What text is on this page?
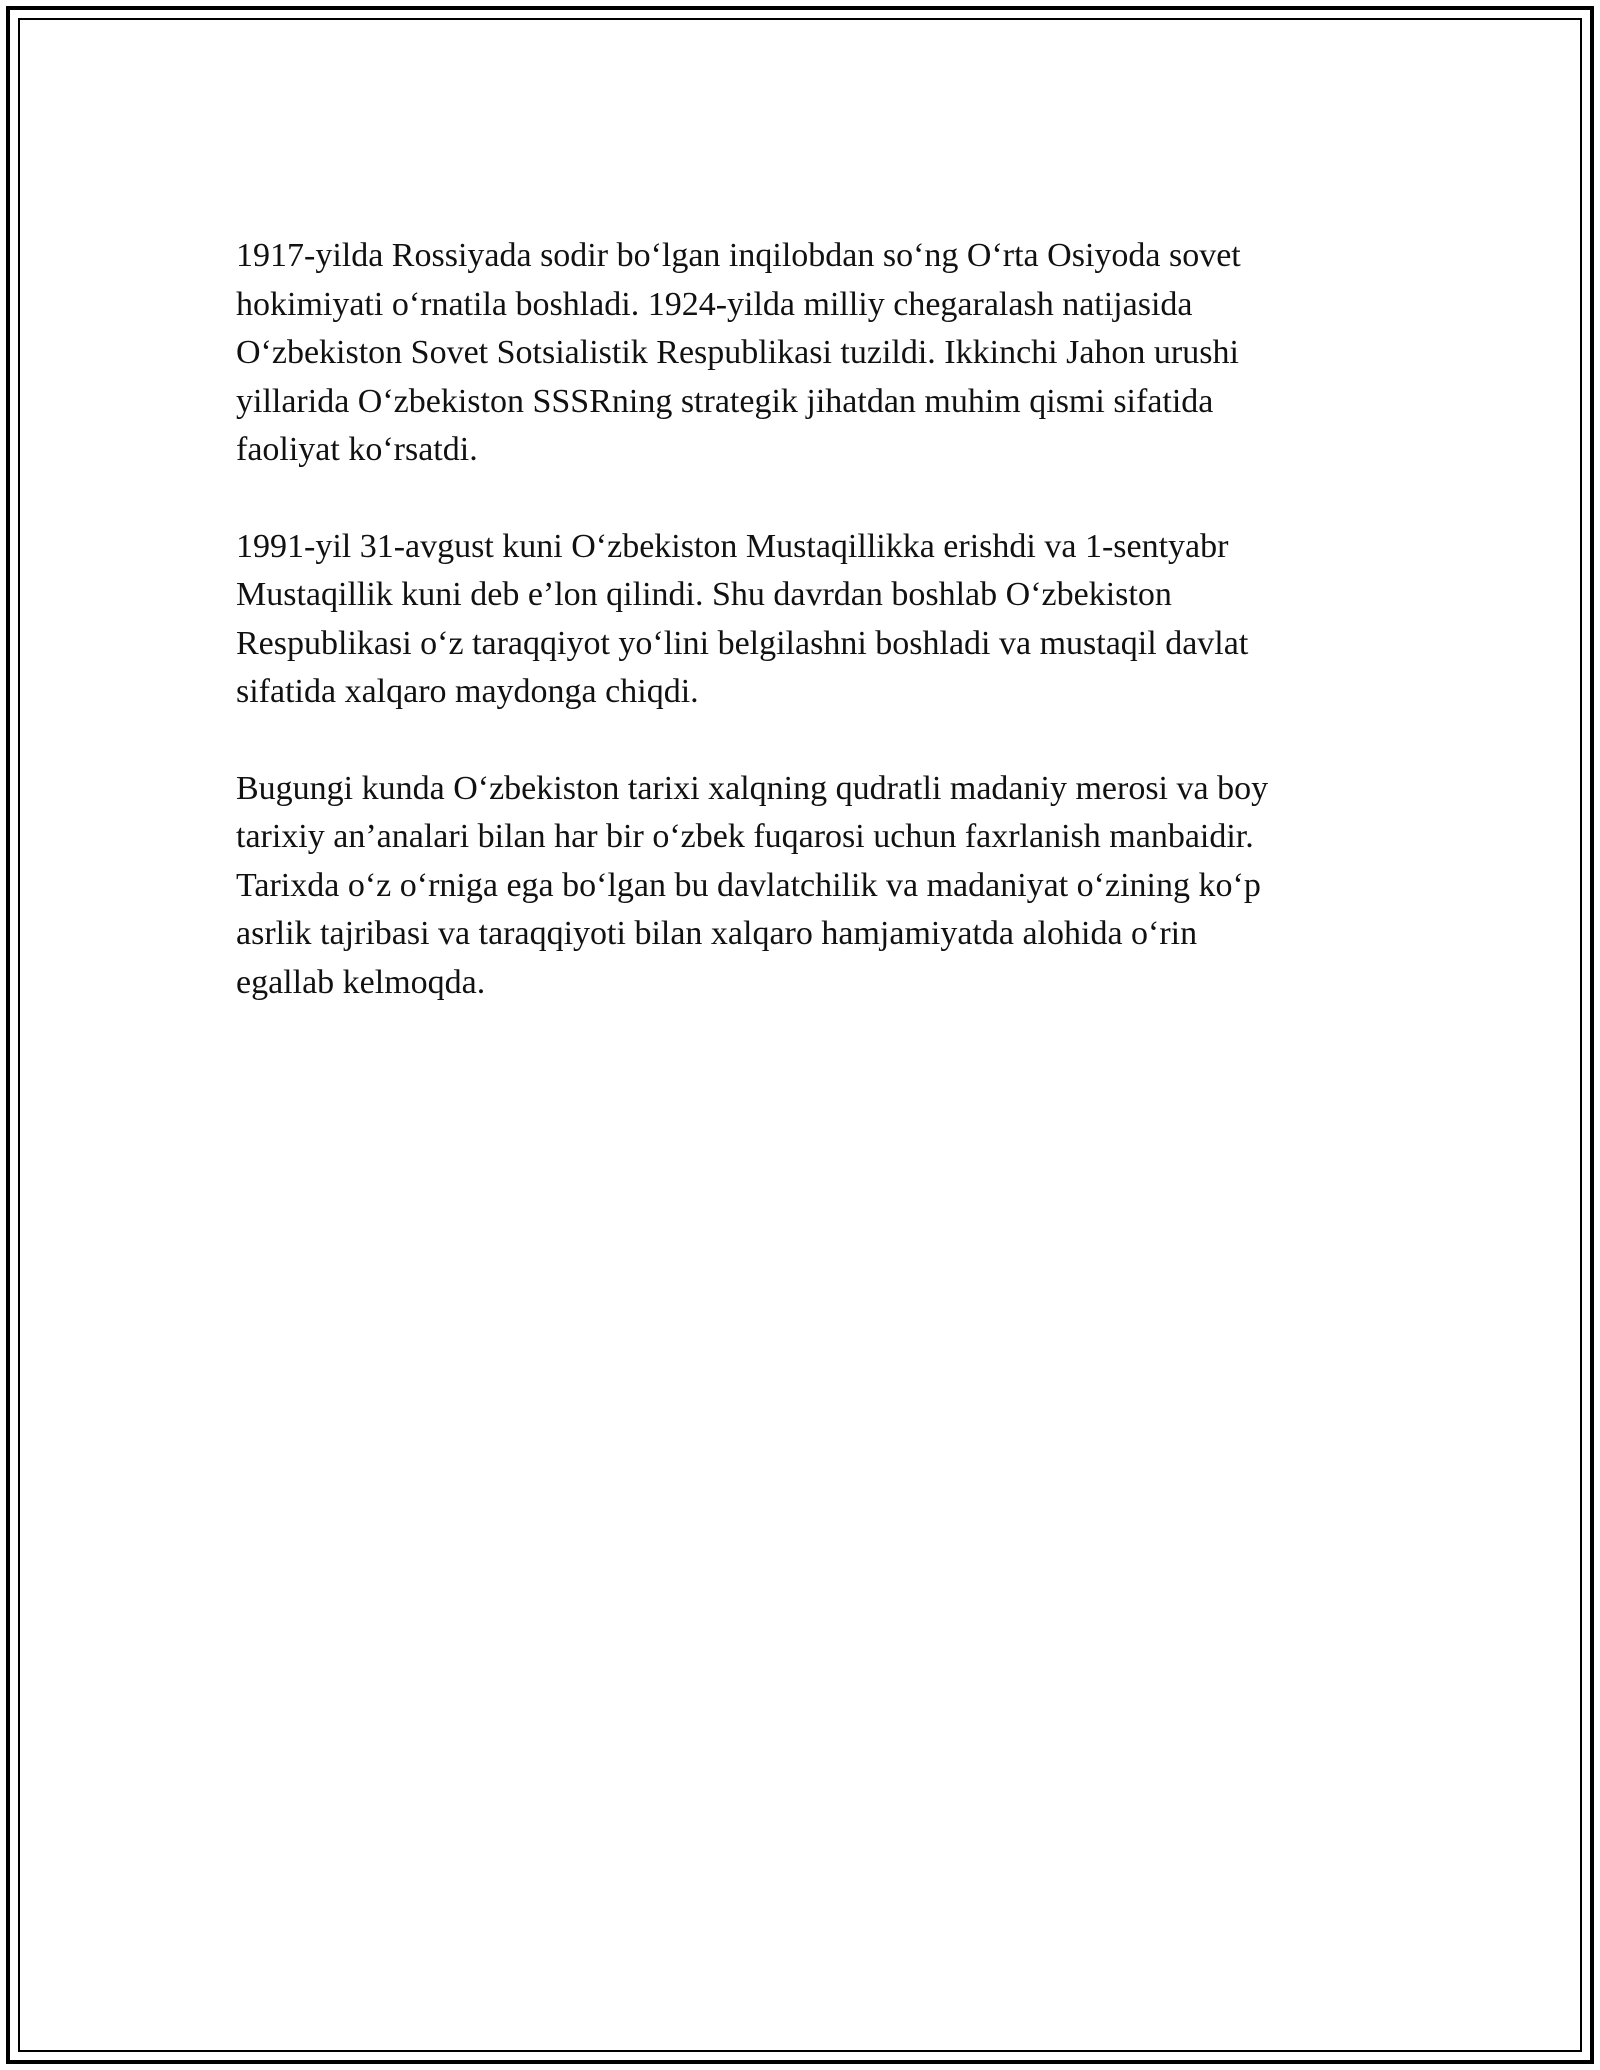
1917-yilda Rossiyada sodir bo‘lgan inqilobdan so‘ng O‘rta Osiyoda sovet
hokimiyati o‘rnatila boshladi. 1924-yilda milliy chegaralash natijasida
O‘zbekiston Sovet Sotsialistik Respublikasi tuzildi. Ikkinchi Jahon urushi
yillarida O‘zbekiston SSSRning strategik jihatdan muhim qismi sifatida
faoliyat ko‘rsatdi.

1991-yil 31-avgust kuni O‘zbekiston Mustaqillikka erishdi va 1-sentyabr
Mustaqillik kuni deb e’lon qilindi. Shu davrdan boshlab O‘zbekiston
Respublikasi o‘z taraqqiyot yo‘lini belgilashni boshladi va mustaqil davlat
sifatida xalqaro maydonga chiqdi.

Bugungi kunda O‘zbekiston tarixi xalqning qudratli madaniy merosi va boy
tarixiy an’analari bilan har bir o‘zbek fuqarosi uchun faxrlanish manbaidir.
Tarixda o‘z o‘rniga ega bo‘lgan bu davlatchilik va madaniyat o‘zining ko‘p
asrlik tajribasi va taraqqiyoti bilan xalqaro hamjamiyatda alohida o‘rin
egallab kelmoqda.
